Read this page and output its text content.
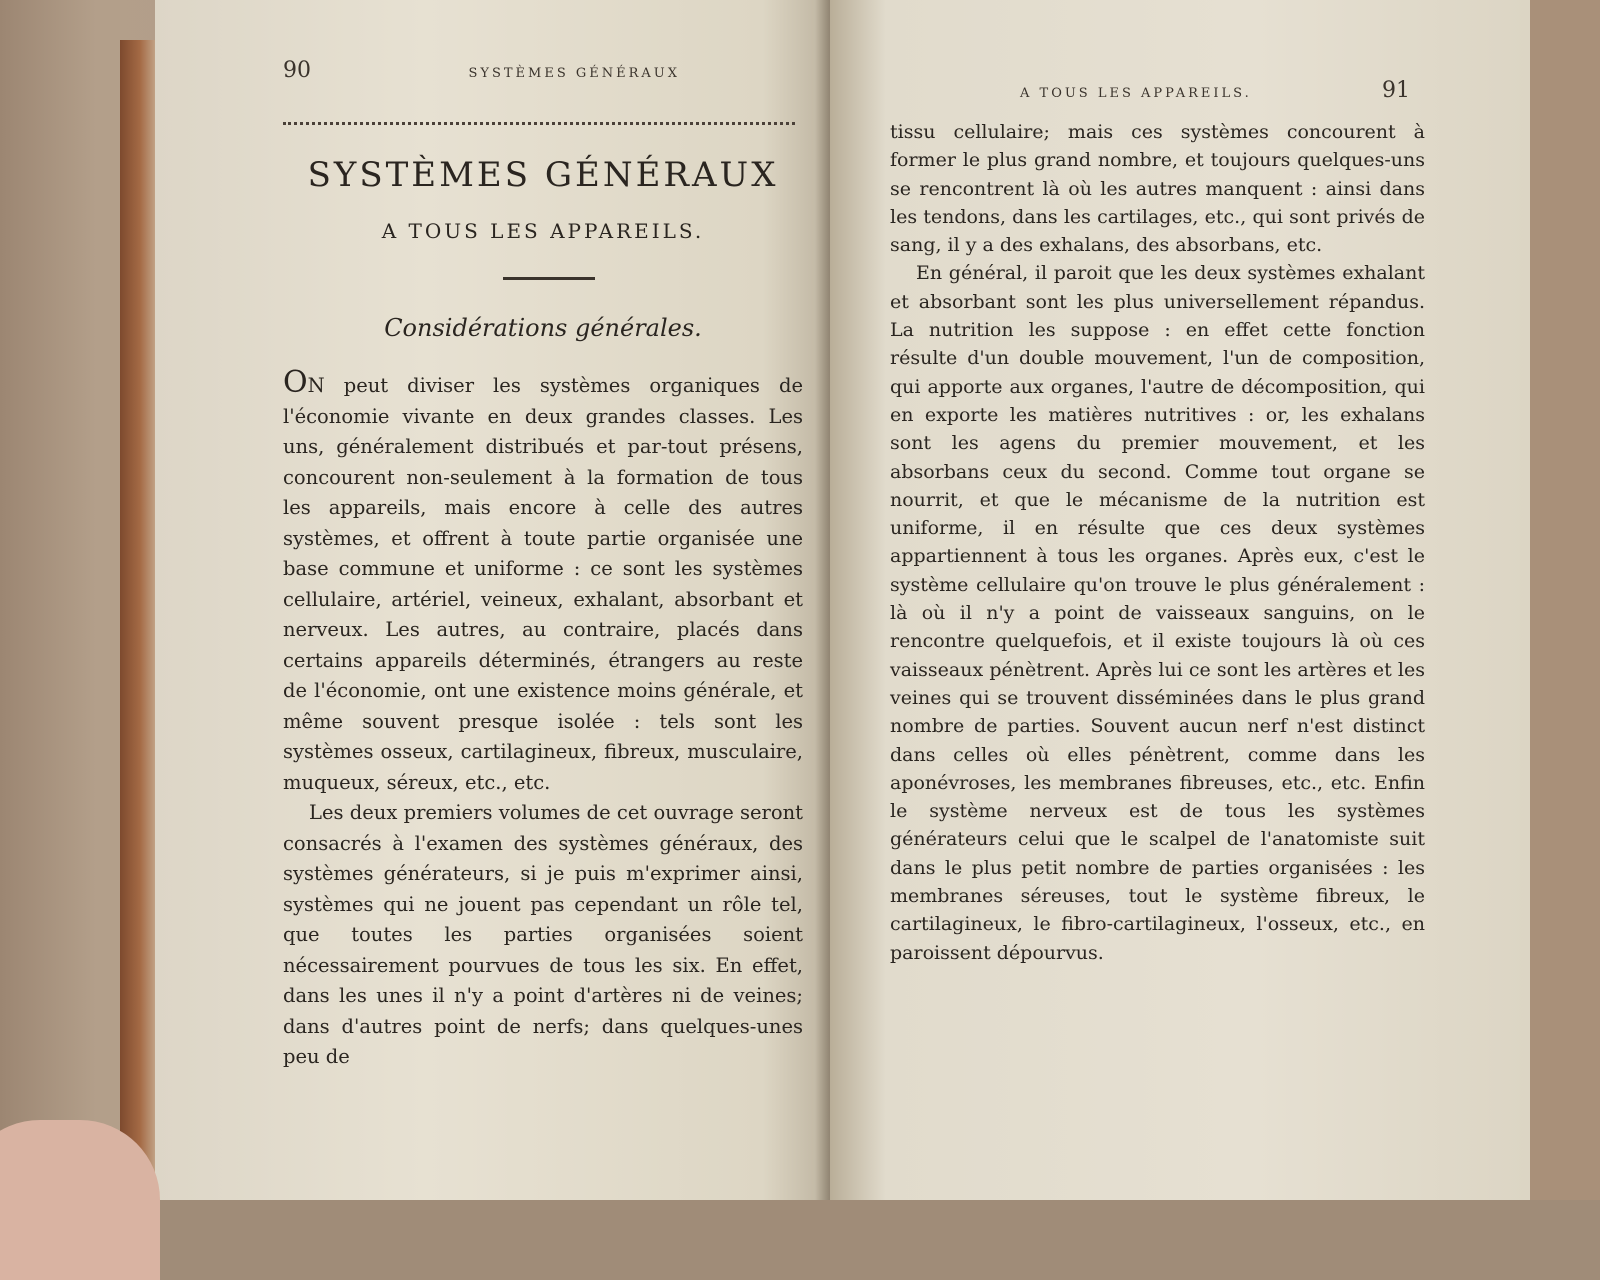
90	SYSTÈMES GÉNÉRAUX
SYSTÈMES GÉNÉRAUX
A TOUS LES APPAREILS.
Considérations générales.

ON peut diviser les systèmes organiques de l'économie vivante en deux grandes classes. Les uns, généralement distribués et par-tout présens, concourent non-seulement à la formation de tous les appareils, mais encore à celle des autres systèmes, et offrent à toute partie organisée une base commune et uniforme : ce sont les systèmes cellulaire, artériel, veineux, exhalant, absorbant et nerveux. Les autres, au contraire, placés dans certains appareils déterminés, étrangers au reste de l'économie, ont une existence moins générale, et même souvent presque isolée : tels sont les systèmes osseux, cartilagineux, fibreux, musculaire, muqueux, séreux, etc., etc.

Les deux premiers volumes de cet ouvrage seront consacrés à l'examen des systèmes généraux, des systèmes générateurs, si je puis m'exprimer ainsi, systèmes qui ne jouent pas cependant un rôle tel, que toutes les parties organisées soient nécessairement pourvues de tous les six. En effet, dans les unes il n'y a point d'artères ni de veines; dans d'autres point de nerfs; dans quelques-unes peu de

A TOUS LES APPAREILS.	91

tissu cellulaire; mais ces systèmes concourent à former le plus grand nombre, et toujours quelques-uns se rencontrent là où les autres manquent : ainsi dans les tendons, dans les cartilages, etc., qui sont privés de sang, il y a des exhalans, des absorbans, etc.

En général, il paroit que les deux systèmes exhalant et absorbant sont les plus universellement répandus. La nutrition les suppose : en effet cette fonction résulte d'un double mouvement, l'un de composition, qui apporte aux organes, l'autre de décomposition, qui en exporte les matières nutritives : or, les exhalans sont les agens du premier mouvement, et les absorbans ceux du second. Comme tout organe se nourrit, et que le mécanisme de la nutrition est uniforme, il en résulte que ces deux systèmes appartiennent à tous les organes. Après eux, c'est le système cellulaire qu'on trouve le plus généralement : là où il n'y a point de vaisseaux sanguins, on le rencontre quelquefois, et il existe toujours là où ces vaisseaux pénètrent. Après lui ce sont les artères et les veines qui se trouvent disséminées dans le plus grand nombre de parties. Souvent aucun nerf n'est distinct dans celles où elles pénètrent, comme dans les aponévroses, les membranes fibreuses, etc., etc. Enfin le système nerveux est de tous les systèmes générateurs celui que le scalpel de l'anatomiste suit dans le plus petit nombre de parties organisées : les membranes séreuses, tout le système fibreux, le cartilagineux, le fibro-cartilagineux, l'osseux, etc., en paroissent dépourvus.
